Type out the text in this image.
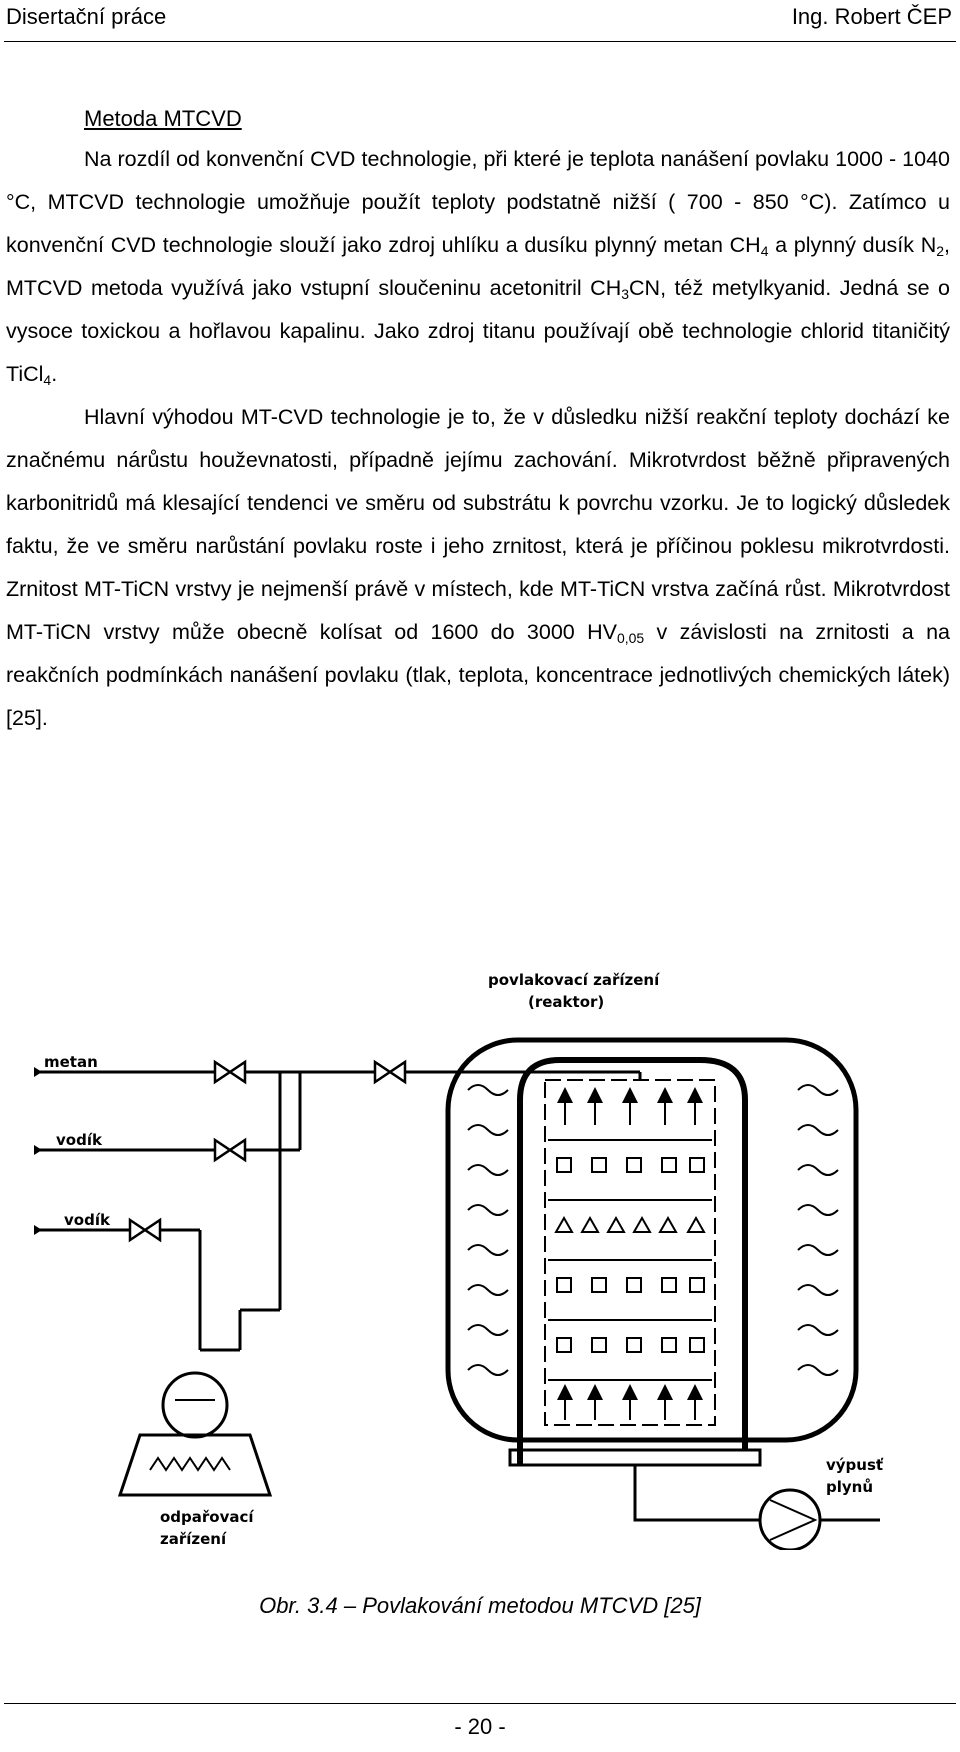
Disertační práce	Ing. Robert ČEP
Metoda MTCVD

Na rozdíl od konvenční CVD technologie, při které je teplota nanášení povlaku 1000 - 1040 °C, MTCVD technologie umožňuje použít teploty podstatně nižší ( 700 - 850 °C). Zatímco u konvenční CVD technologie slouží jako zdroj uhlíku a dusíku plynný metan $CH_4$ a plynný dusík $N_2$, MTCVD metoda využívá jako vstupní sloučeninu acetonitril $CH_3CN$, též metylkyanid. Jedná se o vysoce toxickou a hořlavou kapalinu. Jako zdroj titanu používají obě technologie chlorid titaničitý TiCl$_4$.

Hlavní výhodou MT-CVD technologie je to, že v důsledku nižší reakční teploty dochází ke značnému nárůstu houževnatosti, případně jejímu zachování. Mikrotvrdost běžně připravených karbonitridů má klesající tendenci ve směru od substrátu k povrchu vzorku. Je to logický důsledek faktu, že ve směru narůstání povlaku roste i jeho zrnitost, která je příčinou poklesu mikrotvrdosti. Zrnitost MT-TiCN vrstvy je nejmenší právě v místech, kde MT-TiCN vrstva začíná růst. Mikrotvrdost MT-TiCN vrstvy může obecně kolísat od 1600 do 3000 $HV_{0,05}$ v závislosti na zrnitosti a na reakčních podmínkách nanášení povlaku (tlak, teplota, koncentrace jednotlivých chemických látek) [25].

povlakovací zařízení
(reaktor)
metan
vodík
vodík
výpusť
plynů
odpařovací
zařízení
Obr. 3.4 – Povlakování metodou MTCVD [25]
- 20 -
